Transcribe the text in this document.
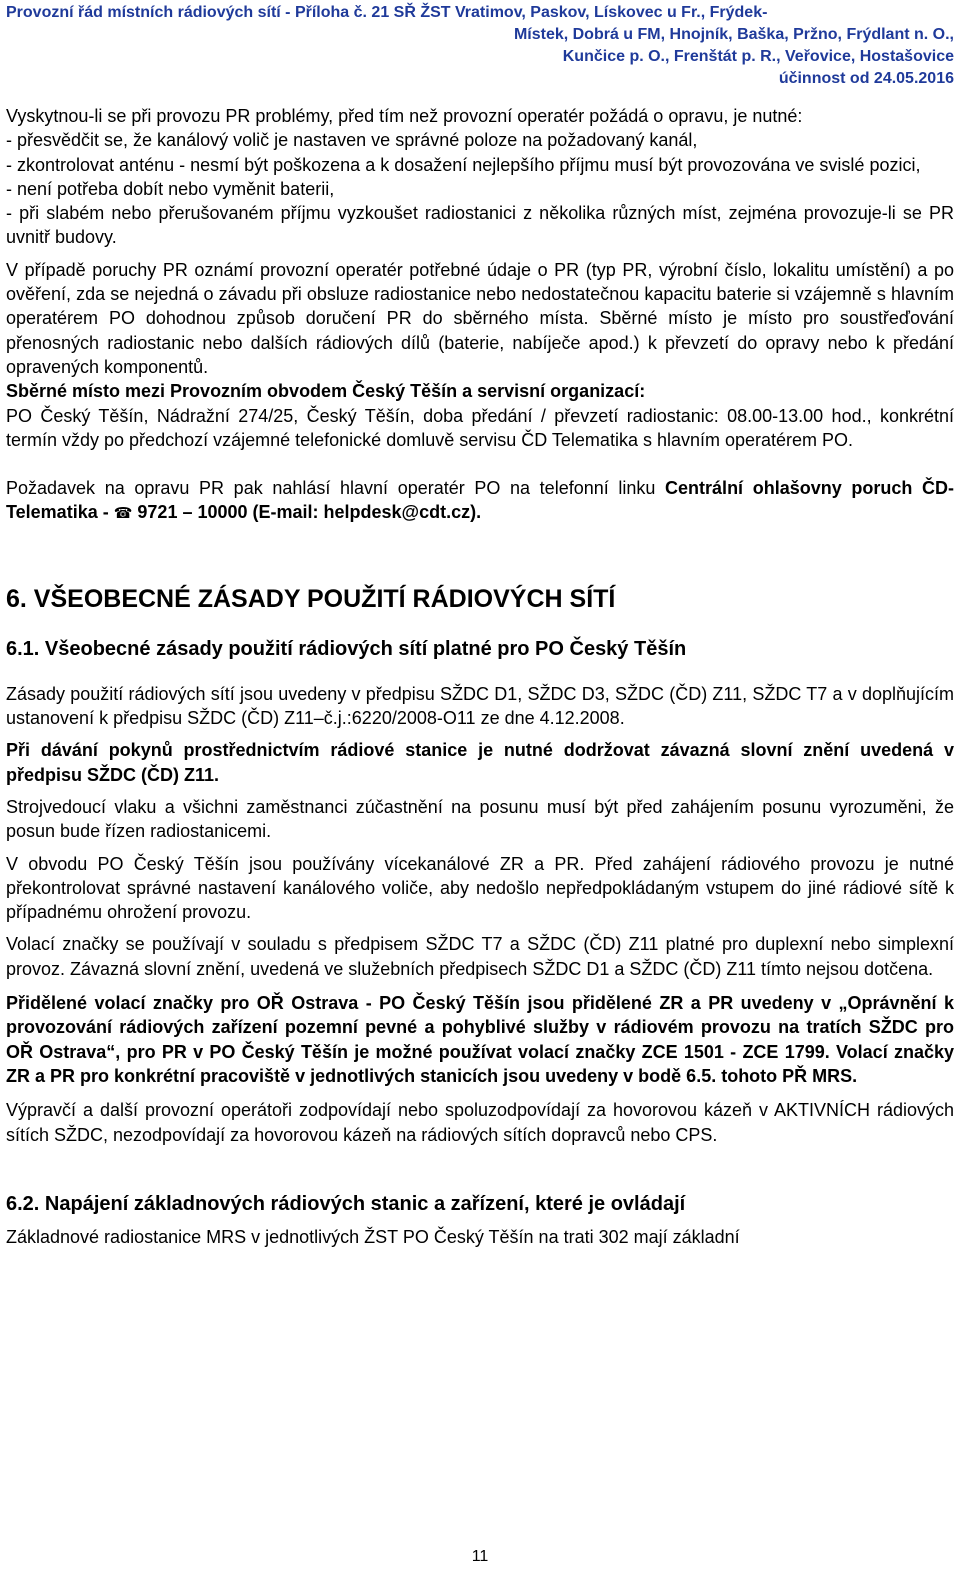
Provozní řád místních rádiových sítí - Příloha č. 21 SŘ ŽST Vratimov, Paskov, Lískovec u Fr., Frýdek-
Místek, Dobrá u FM, Hnojník, Baška, Pržno, Frýdlant n. O.,
Kunčice p. O., Frenštát p. R., Veřovice, Hostašovice
účinnost od 24.05.2016

Vyskytnou-li se při provozu PR problémy, před tím než provozní operatér požádá o opravu, je nutné:

- přesvědčit se, že kanálový volič je nastaven ve správné poloze na požadovaný kanál,

- zkontrolovat anténu - nesmí být poškozena a k dosažení nejlepšího příjmu musí být provozována ve svislé pozici,

- není potřeba dobít nebo vyměnit baterii,

- při slabém nebo přerušovaném příjmu vyzkoušet radiostanici z několika různých míst, zejména provozuje-li se PR uvnitř budovy.

V případě poruchy PR oznámí provozní operatér potřebné údaje o PR (typ PR, výrobní číslo, lokalitu umístění) a po ověření, zda se nejedná o závadu při obsluze radiostanice nebo nedostatečnou kapacitu baterie si vzájemně s hlavním operatérem PO dohodnou způsob doručení PR do sběrného místa. Sběrné místo je místo pro soustřeďování přenosných radiostanic nebo dalších rádiových dílů (baterie, nabíječe apod.) k převzetí do opravy nebo k předání opravených komponentů.

Sběrné místo mezi Provozním obvodem Český Těšín a servisní organizací:

PO Český Těšín, Nádražní 274/25, Český Těšín, doba předání / převzetí radiostanic: 08.00-13.00 hod., konkrétní termín vždy po předchozí vzájemné telefonické domluvě servisu ČD Telematika s hlavním operatérem PO.

Požadavek na opravu PR pak nahlásí hlavní operatér PO na telefonní linku Centrální ohlašovny poruch ČD-Telematika - ☎ 9721 – 10000 (E-mail: helpdesk@cdt.cz).

6. VŠEOBECNÉ ZÁSADY POUŽITÍ RÁDIOVÝCH SÍTÍ

6.1. Všeobecné zásady použití rádiových sítí platné pro PO Český Těšín

Zásady použití rádiových sítí jsou uvedeny v předpisu SŽDC D1, SŽDC D3, SŽDC (ČD) Z11, SŽDC T7 a v doplňujícím ustanovení k předpisu SŽDC (ČD) Z11–č.j.:6220/2008-O11 ze dne 4.12.2008.

Při dávání pokynů prostřednictvím rádiové stanice je nutné dodržovat závazná slovní znění uvedená v předpisu SŽDC (ČD) Z11.

Strojvedoucí vlaku a všichni zaměstnanci zúčastnění na posunu musí být před zahájením posunu vyrozuměni, že posun bude řízen radiostanicemi.

V obvodu PO Český Těšín jsou používány vícekanálové ZR a PR. Před zahájení rádiového provozu je nutné překontrolovat správné nastavení kanálového voliče, aby nedošlo nepředpokládaným vstupem do jiné rádiové sítě k případnému ohrožení provozu.

Volací značky se používají v souladu s předpisem SŽDC T7 a SŽDC (ČD) Z11 platné pro duplexní nebo simplexní provoz. Závazná slovní znění, uvedená ve služebních předpisech SŽDC D1 a SŽDC (ČD) Z11 tímto nejsou dotčena.

Přidělené volací značky pro OŘ Ostrava - PO Český Těšín jsou přidělené ZR a PR uvedeny v „Oprávnění k provozování rádiových zařízení pozemní pevné a pohyblivé služby v rádiovém provozu na tratích SŽDC pro OŘ Ostrava“, pro PR v PO Český Těšín je možné používat volací značky ZCE 1501 - ZCE 1799. Volací značky ZR a PR pro konkrétní pracoviště v jednotlivých stanicích jsou uvedeny v bodě 6.5. tohoto PŘ MRS.

Výpravčí a další provozní operátoři zodpovídají nebo spoluzodpovídají za hovorovou kázeň v AKTIVNÍCH rádiových sítích SŽDC, nezodpovídají za hovorovou kázeň na rádiových sítích dopravců nebo CPS.

6.2. Napájení základnových rádiových stanic a zařízení, které je ovládají

Základnové radiostanice MRS v jednotlivých ŽST PO Český Těšín na trati 302 mají základní

11
